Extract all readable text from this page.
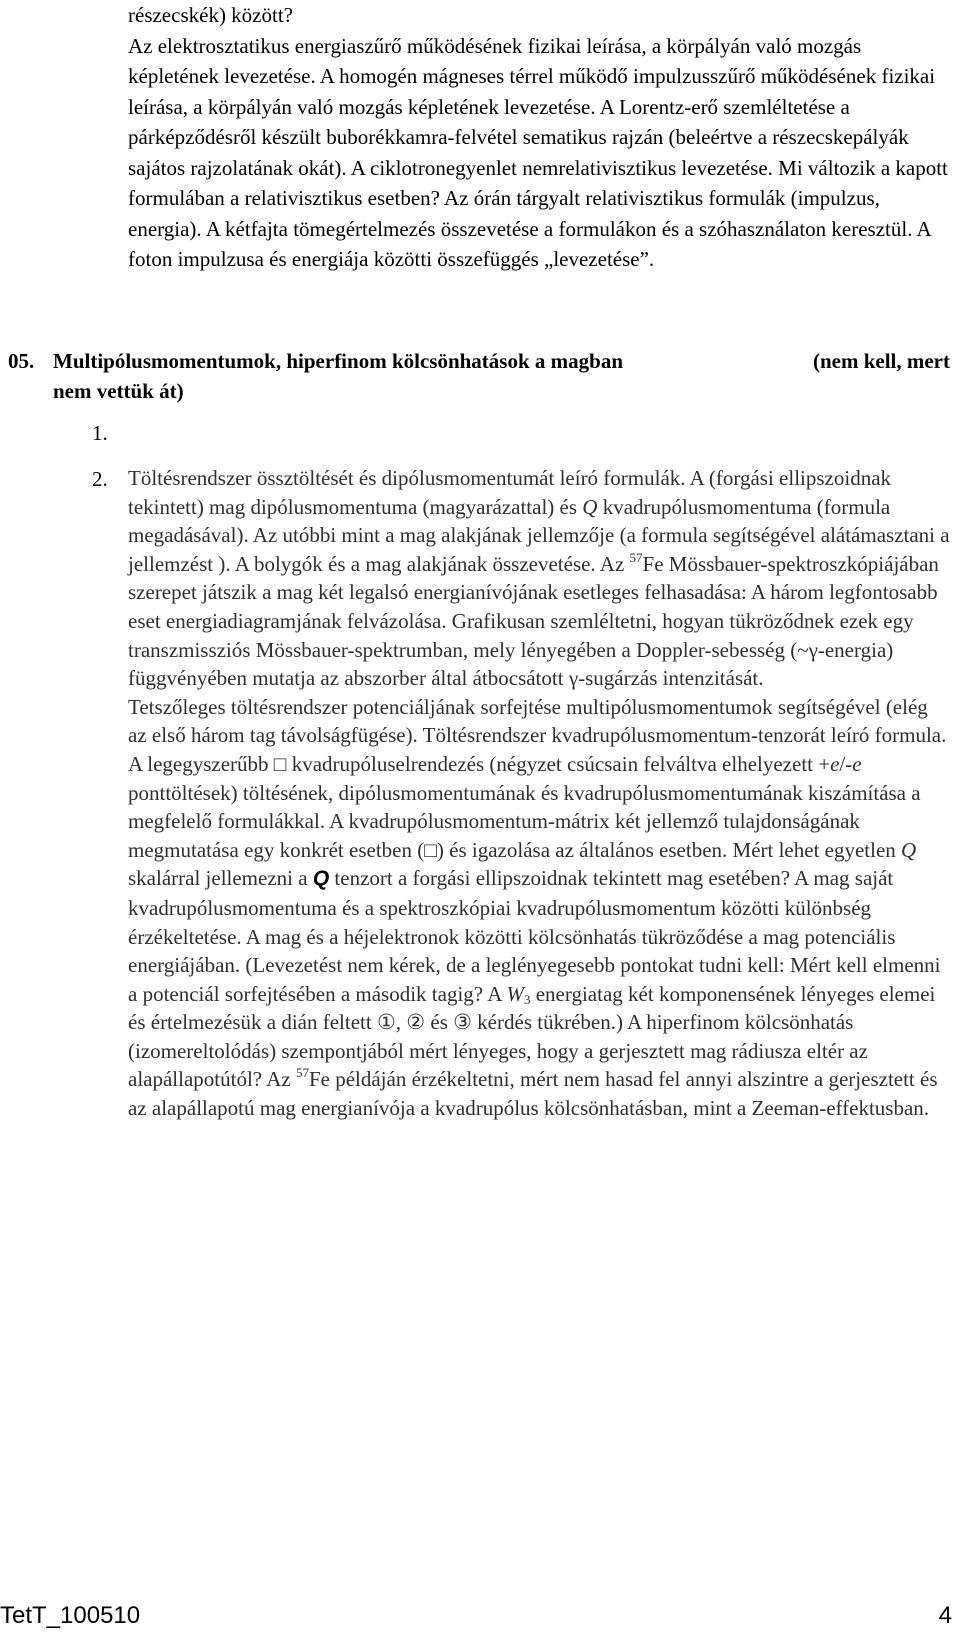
részecskék) között?

Az elektrosztatikus energiaszűrő működésének fizikai leírása, a körpályán való mozgás képletének levezetése. A homogén mágneses térrel működő impulzusszűrő működésének fizikai leírása, a körpályán való mozgás képletének levezetése. A Lorentz-erő szemléltetése a párképződésről készült buborékkamra-felvétel sematikus rajzán (beleértve a részecskepályák sajátos rajzolatának okát). A ciklotronegyenlet nemrelativisztikus levezetése. Mi változik a kapott formulában a relativisztikus esetben? Az órán tárgyalt relativisztikus formulák (impulzus, energia). A kétfajta tömegértelmezés összevetése a formulákon és a szóhasználaton keresztül. A foton impulzusa és energiája közötti összefüggés „levezetése”.

05. Multipólusmomentumok, hiperfinom kölcsönhatások a magban	(nem kell, mert
nem vettük át)
1.
2. Töltésrendszer össztöltését és dipólusmomentumát leíró formulák. A (forgási ellipszoidnak tekintett) mag dipólusmomentuma (magyarázattal) és Q kvadrupólusmomentuma (formula megadásával). Az utóbbi mint a mag alakjának jellemzője (a formula segítségével alátámasztani a jellemzést ). A bolygók és a mag alakjának összevetése. Az $^{57}$Fe Mössbauer-spektroszkópiájában szerepet játszik a mag két legalsó energianívójának esetleges felhasadása: A három legfontosabb eset energiadiagramjának felvázolása. Grafikusan szemléltetni, hogyan tükröződnek ezek egy transzmissziós Mössbauer-spektrumban, mely lényegében a Doppler-sebesség (~γ-energia) függvényében mutatja az abszorber által átbocsátott γ-sugárzás intenzitását.

Tetszőleges töltésrendszer potenciáljának sorfejtése multipólusmomentumok segítségével (elég az első három tag távolságfügése). Töltésrendszer kvadrupólusmomentum-tenzorát leíró formula. A legegyszerűbb □ kvadrupóluselrendezés (négyzet csúcsain felváltva elhelyezett +e/-e ponttöltések) töltésének, dipólusmomentumának és kvadrupólusmomentumának kiszámítása a megfelelő formulákkal. A kvadrupólusmomentum-mátrix két jellemző tulajdonságának megmutatása egy konkrét esetben (□) és igazolása az általános esetben. Mért lehet egyetlen Q skalárral jellemezni a Q tenzort a forgási ellipszoidnak tekintett mag esetében? A mag saját kvadrupólusmomentuma és a spektroszkópiai kvadrupólusmomentum közötti különbség érzékeltetése. A mag és a héjelektronok közötti kölcsönhatás tükröződése a mag potenciális energiájában. (Levezetést nem kérek, de a leglényegesebb pontokat tudni kell: Mért kell elmenni a potenciál sorfejtésében a második tagig? A $W_3$ energiatag két komponensének lényeges elemei és értelmezésük a dián feltett ①, ② és ③ kérdés tükrében.) A hiperfinom kölcsönhatás (izomereltolódás) szempontjából mért lényeges, hogy a gerjesztett mag rádiusza eltér az alapállapotútól? Az $^{57}$Fe példáján érzékeltetni, mért nem hasad fel annyi alszintre a gerjesztett és az alapállapotú mag energianívója a kvadrupólus kölcsönhatásban, mint a Zeeman-effektusban.

TetT_100510	4
